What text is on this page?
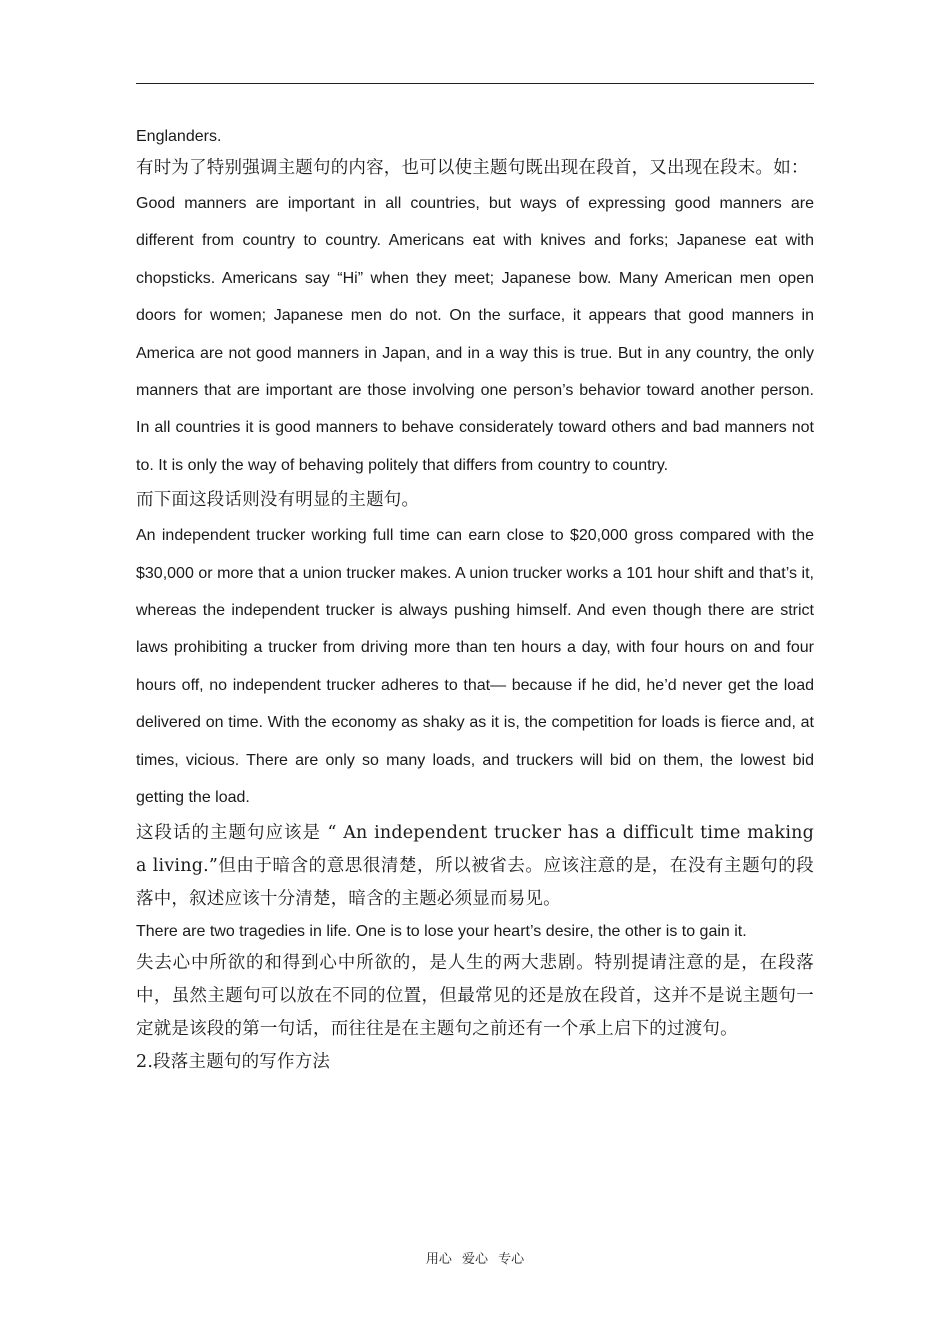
Englanders.

有时为了特别强调主题句的内容，也可以使主题句既出现在段首，又出现在段末。如：

Good manners are important in all countries, but ways of expressing good manners are different from country to country. Americans eat with knives and forks; Japanese eat with chopsticks. Americans say “Hi” when they meet; Japanese bow. Many American men open doors for women; Japanese men do not. On the surface, it appears that good manners in America are not good manners in Japan, and in a way this is true. But in any country, the only manners that are important are those involving one person’s behavior toward another person. In all countries it is good manners to behave considerately toward others and bad manners not to. It is only the way of behaving politely that differs from country to country.

而下面这段话则没有明显的主题句。

An independent trucker working full time can earn close to $20,000 gross compared with the $30,000 or more that a union trucker makes. A union trucker works a 101 hour shift and that’s it, whereas the independent trucker is always pushing himself. And even though there are strict laws prohibiting a trucker from driving more than ten hours a day, with four hours on and four hours off, no independent trucker adheres to that— because if he did, he’d never get the load delivered on time. With the economy as shaky as it is, the competition for loads is fierce and, at times, vicious. There are only so many loads, and truckers will bid on them, the lowest bid getting the load.

这段话的主题句应该是 “ An independent trucker has a difficult time making a living.”但由于暗含的意思很清楚，所以被省去。应该注意的是，在没有主题句的段落中，叙述应该十分清楚，暗含的主题必须显而易见。

There are two tragedies in life. One is to lose your heart’s desire, the other is to gain it.

失去心中所欲的和得到心中所欲的，是人生的两大悲剧。特别提请注意的是，在段落中，虽然主题句可以放在不同的位置，但最常见的还是放在段首，这并不是说主题句一定就是该段的第一句话，而往往是在主题句之前还有一个承上启下的过渡句。

2.段落主题句的写作方法

用心 爱心 专心
